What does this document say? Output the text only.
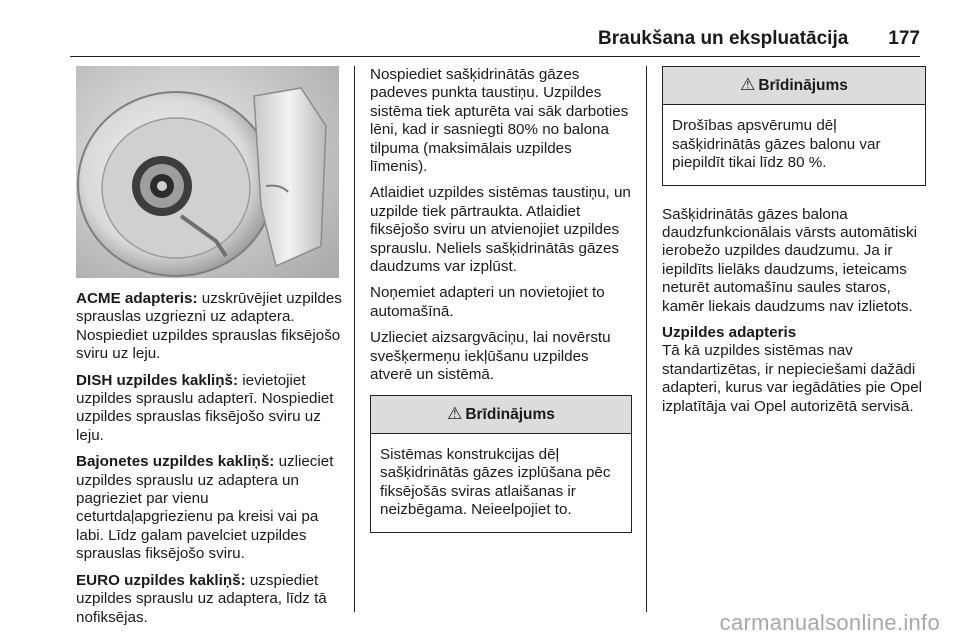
Braukšana un ekspluatācija 177

ACME adapteris: uzskrūvējiet uzpildes sprauslas uzgriezni uz adaptera. Nospiediet uzpildes sprauslas fiksējošo sviru uz leju.

DISH uzpildes kakliņš: ievietojiet uzpildes sprauslu adapterī. Nospiediet uzpildes sprauslas fiksējošo sviru uz leju.

Bajonetes uzpildes kakliņš: uzlieciet uzpildes sprauslu uz adaptera un pagrieziet par vienu ceturtdaļapgriezienu pa kreisi vai pa labi. Līdz galam pavelciet uzpildes sprauslas fiksējošo sviru.

EURO uzpildes kakliņš: uzspiediet uzpildes sprauslu uz adaptera, līdz tā nofiksējas.

Nospiediet sašķidrinātās gāzes padeves punkta taustiņu. Uzpildes sistēma tiek apturēta vai sāk darboties lēni, kad ir sasniegti 80% no balona tilpuma (maksimālais uzpildes līmenis).

Atlaidiet uzpildes sistēmas taustiņu, un uzpilde tiek pārtraukta. Atlaidiet fiksējošo sviru un atvienojiet uzpildes sprauslu. Neliels sašķidrinātās gāzes daudzums var izplūst.

Noņemiet adapteri un novietojiet to automašīnā.

Uzlieciet aizsargvāciņu, lai novērstu svešķermeņu iekļūšanu uzpildes atverē un sistēmā.

⚠ Brīdinājums
Sistēmas konstrukcijas dēļ sašķidrinātās gāzes izplūšana pēc fiksējošās sviras atlaišanas ir neizbēgama. Neieelpojiet to.
⚠ Brīdinājums
Drošības apsvērumu dēļ sašķidrinātās gāzes balonu var piepildīt tikai līdz 80 %.

Sašķidrinātās gāzes balona daudzfunkcionālais vārsts automātiski ierobežo uzpildes daudzumu. Ja ir iepildīts lielāks daudzums, ieteicams neturēt automašīnu saules staros, kamēr liekais daudzums nav izlietots.

Uzpildes adapteris

Tā kā uzpildes sistēmas nav standartizētas, ir nepieciešami dažādi adapteri, kurus var iegādāties pie Opel izplatītāja vai Opel autorizētā servisā.

carmanualsonline.info
